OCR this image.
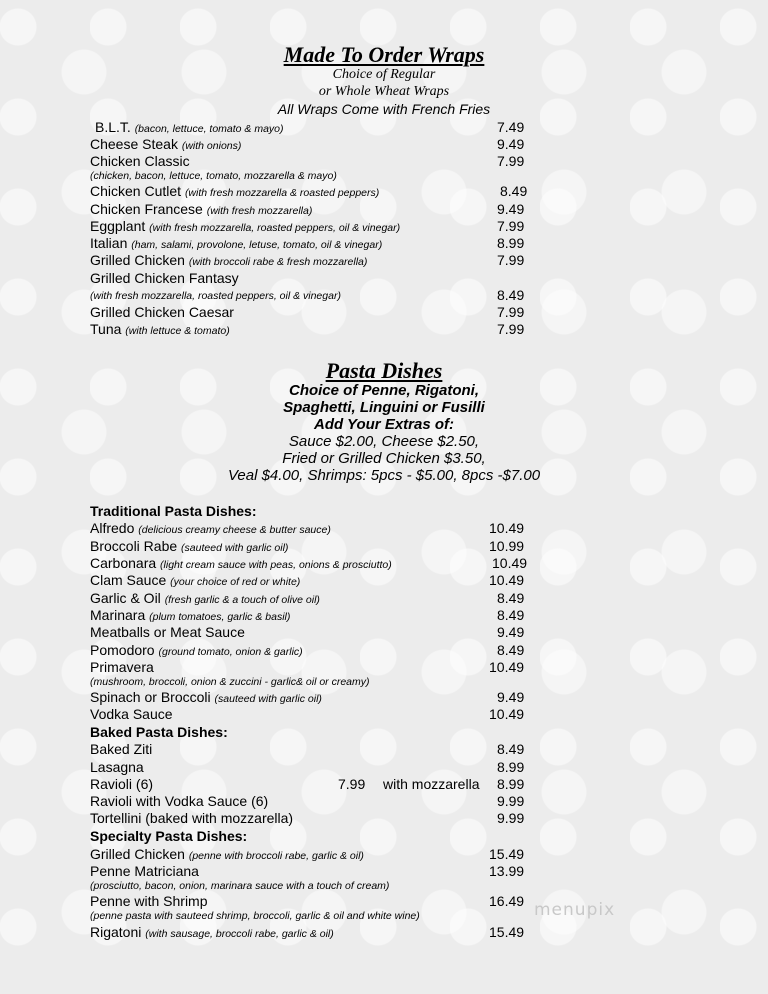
Made To Order Wraps
Choice of Regular
or Whole Wheat Wraps
All Wraps Come with French Fries
B.L.T. (bacon, lettuce, tomato & mayo)	7.49
Cheese Steak (with onions)	9.49
Chicken Classic	7.99
(chicken, bacon, lettuce, tomato, mozzarella & mayo)
Chicken Cutlet (with fresh mozzarella & roasted peppers)	8.49
Chicken Francese (with fresh mozzarella)	9.49
Eggplant (with fresh mozzarella, roasted peppers, oil & vinegar)	7.99
Italian (ham, salami, provolone, letuse, tomato, oil & vinegar)	8.99
Grilled Chicken (with broccoli rabe & fresh mozzarella)	7.99
Grilled Chicken Fantasy
(with fresh mozzarella, roasted peppers, oil & vinegar)	8.49
Grilled Chicken Caesar	7.99
Tuna (with lettuce & tomato)	7.99
Pasta Dishes
Choice of Penne, Rigatoni,
Spaghetti, Linguini or Fusilli
Add Your Extras of:
Sauce $2.00, Cheese $2.50,
Fried or Grilled Chicken $3.50,
Veal $4.00, Shrimps: 5pcs - $5.00, 8pcs -$7.00
Traditional Pasta Dishes:
Alfredo (delicious creamy cheese & butter sauce)	10.49
Broccoli Rabe (sauteed with garlic oil)	10.99
Carbonara (light cream sauce with peas, onions & prosciutto)	10.49
Clam Sauce (your choice of red or white)	10.49
Garlic & Oil (fresh garlic & a touch of olive oil)	8.49
Marinara (plum tomatoes, garlic & basil)	8.49
Meatballs or Meat Sauce	9.49
Pomodoro (ground tomato, onion & garlic)	8.49
Primavera	10.49
(mushroom, broccoli, onion & zuccini - garlic& oil or creamy)
Spinach or Broccoli (sauteed with garlic oil)	9.49
Vodka Sauce	10.49
Baked Pasta Dishes:
Baked Ziti	8.49
Lasagna	8.99
Ravioli (6)	7.99 with mozzarella 8.99
Ravioli with Vodka Sauce (6)	9.99
Tortellini (baked with mozzarella)	9.99
Specialty Pasta Dishes:
Grilled Chicken (penne with broccoli rabe, garlic & oil)	15.49
Penne Matriciana	13.99
(prosciutto, bacon, onion, marinara sauce with a touch of cream)
Penne with Shrimp	16.49
(penne pasta with sauteed shrimp, broccoli, garlic & oil and white wine)
Rigatoni (with sausage, broccoli rabe, garlic & oil)	15.49
menupix
